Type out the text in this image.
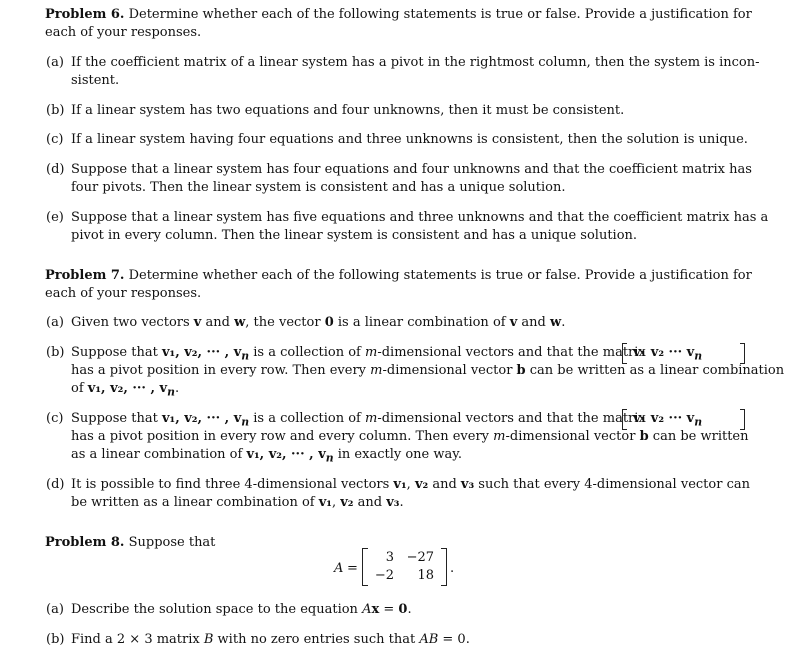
Problem 6. Determine whether each of the following statements is true or false. Provide a justification for
each of your responses.
(a) If the coefficient matrix of a linear system has a pivot in the rightmost column, then the system is incon-
sistent.
(b) If a linear system has two equations and four unknowns, then it must be consistent.
(c) If a linear system having four equations and three unknowns is consistent, then the solution is unique.
(d) Suppose that a linear system has four equations and four unknowns and that the coefficient matrix has
four pivots. Then the linear system is consistent and has a unique solution.
(e) Suppose that a linear system has five equations and three unknowns and that the coefficient matrix has a
pivot in every column. Then the linear system is consistent and has a unique solution.
Problem 7. Determine whether each of the following statements is true or false. Provide a justification for
each of your responses.
(a) Given two vectors v and w, the vector 0 is a linear combination of v and w.
(b) Suppose that v₁, v₂, ··· , $v_n$ is a collection of m-dimensional vectors and that the matrix
v₁ v₂ ··· $v_n$
has a pivot position in every row. Then every m-dimensional vector b can be written as a linear combination
of v₁, v₂, ··· , $v_n$.
(c) Suppose that v₁, v₂, ··· , $v_n$ is a collection of m-dimensional vectors and that the matrix
v₁ v₂ ··· $v_n$
has a pivot position in every row and every column. Then every m-dimensional vector b can be written
as a linear combination of v₁, v₂, ··· , $v_n$ in exactly one way.
(d) It is possible to find three 4-dimensional vectors v₁, v₂ and v₃ such that every 4-dimensional vector can
be written as a linear combination of v₁, v₂ and v₃.
Problem 8. Suppose that
A =
3 −27
−2	18 .
(a) Describe the solution space to the equation Ax = 0.
(b) Find a 2 × 3 matrix B with no zero entries such that AB = 0.
